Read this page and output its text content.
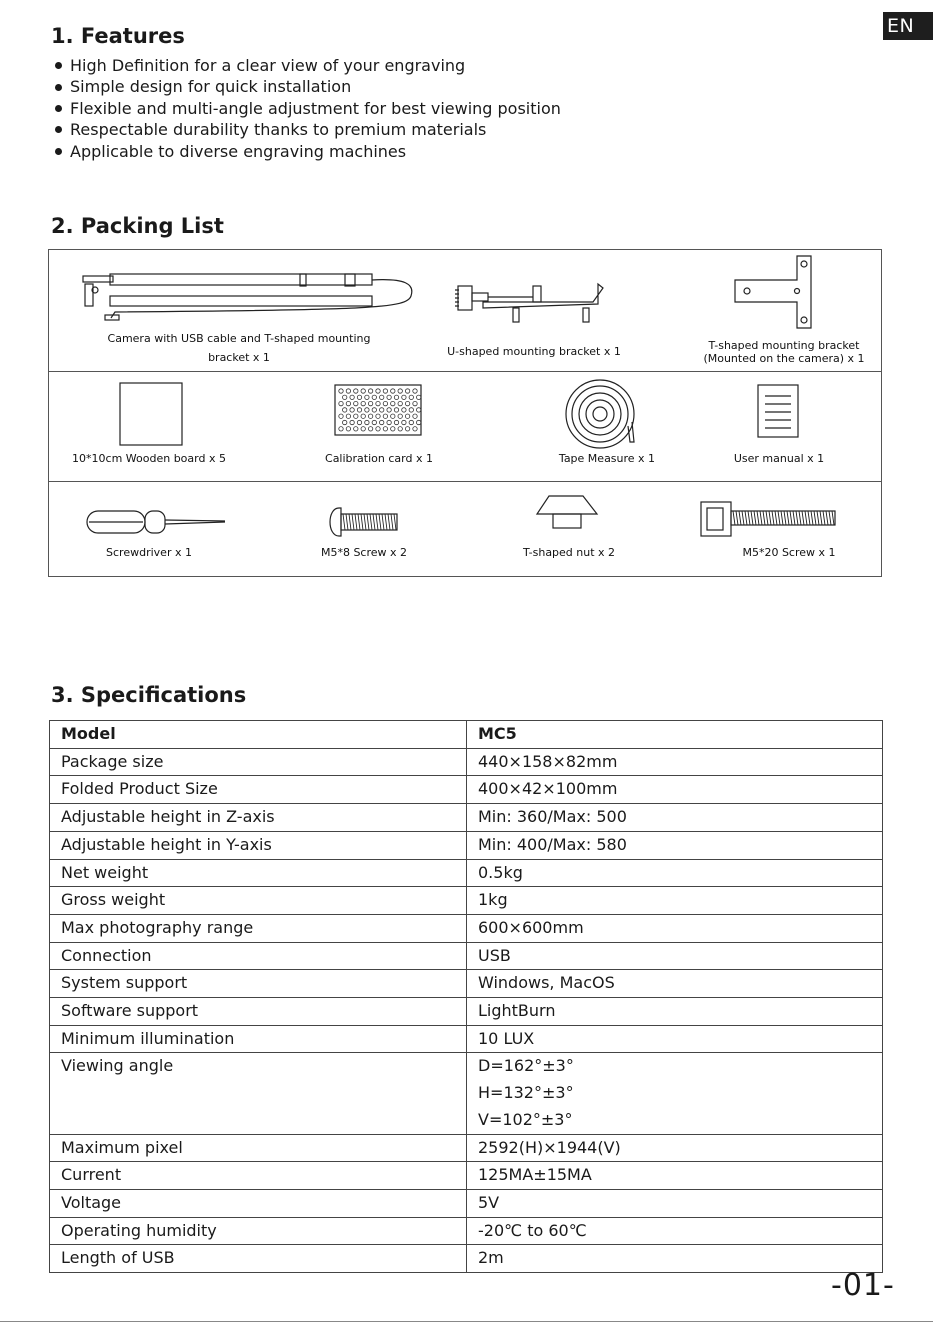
EN
1. Features
High Definition for a clear view of your engraving
Simple design for quick installation
Flexible and multi-angle adjustment for best viewing position
Respectable durability thanks to premium materials
Applicable to diverse engraving machines
2. Packing List
Camera with USB cable and T-shaped mounting
bracket x 1	U-shaped mounting bracket x 1	T-shaped mounting bracket
(Mounted on the camera) x 1
10*10cm Wooden board x 5	Calibration card x 1	Tape Measure x 1	User manual x 1
Screwdriver x 1	M5*8 Screw x 2	T-shaped nut x 2	M5*20 Screw x 1
3. Specifications
Model	MC5
Package size	440×158×82mm
Folded Product Size	400×42×100mm
Adjustable height in Z-axis	Min: 360/Max: 500
Adjustable height in Y-axis	Min: 400/Max: 580
Net weight	0.5kg
Gross weight	1kg
Max photography range	600×600mm
Connection	USB
System support	Windows, MacOS
Software support	LightBurn
Minimum illumination	10 LUX
Viewing angle	D=162°±3°
H=132°±3°
V=102°±3°

Maximum pixel	2592(H)×1944(V)
Current	125MA±15MA
Voltage	5V
Operating humidity	-20℃ to 60℃
Length of USB	2m
-01-
